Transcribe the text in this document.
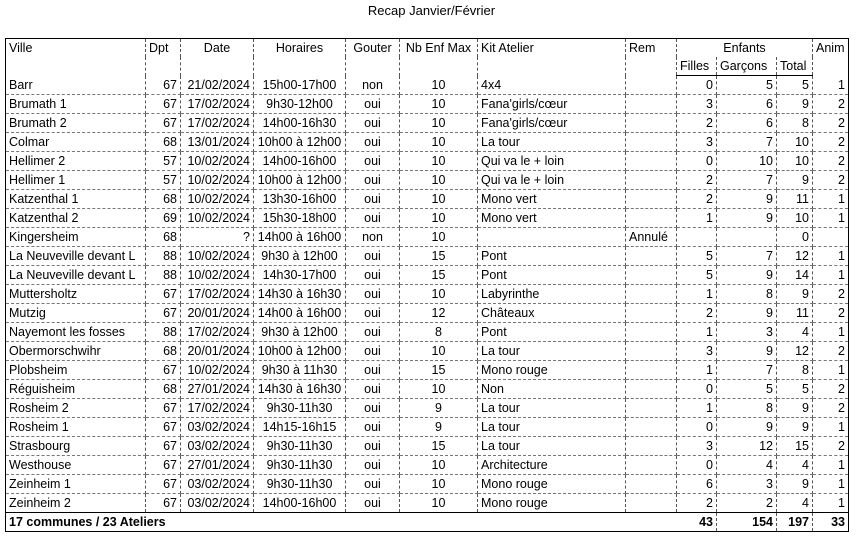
Recap Janvier/Février
Ville	Dpt	Date	Horaires	Gouter	Nb Enf Max	Kit Atelier	Rem	Enfants			Anim
								Filles	Garçons	Total	
Barr	67	21/02/2024	15h00-17h00	non	10	4x4		0	5	5	1
Brumath 1	67	17/02/2024	9h30-12h00	oui	10	Fana'girls/cœur		3	6	9	2
Brumath 2	67	17/02/2024	14h00-16h30	oui	10	Fana'girls/cœur		2	6	8	2
Colmar	68	13/01/2024	10h00 à 12h00	oui	10	La tour		3	7	10	2
Hellimer 2	57	10/02/2024	14h00-16h00	oui	10	Qui va le + loin		0	10	10	2
Hellimer 1	57	10/02/2024	10h00 à 12h00	oui	10	Qui va le + loin		2	7	9	2
Katzenthal 1	68	10/02/2024	13h30-16h00	oui	10	Mono vert		2	9	11	1
Katzenthal 2	69	10/02/2024	15h30-18h00	oui	10	Mono vert		1	9	10	1
Kingersheim	68	?	14h00 à 16h00	non	10		Annulé			0	
La Neuveville devant L	88	10/02/2024	9h30 à 12h00	oui	15	Pont		5	7	12	1
La Neuveville devant L	88	10/02/2024	14h30-17h00	oui	15	Pont		5	9	14	1
Muttersholtz	67	17/02/2024	14h30 à 16h30	oui	10	Labyrinthe		1	8	9	2
Mutzig	67	20/01/2024	14h00 à 16h00	oui	12	Châteaux		2	9	11	2
Nayemont les fosses	88	17/02/2024	9h30 à 12h00	oui	8	Pont		1	3	4	1
Obermorschwihr	68	20/01/2024	10h00 à 12h00	oui	10	La tour		3	9	12	2
Plobsheim	67	10/02/2024	9h30 à 11h30	oui	15	Mono rouge		1	7	8	1
Réguisheim	68	27/01/2024	14h30 à 16h30	oui	10	Non		0	5	5	2
Rosheim 2	67	17/02/2024	9h30-11h30	oui	9	La tour		1	8	9	2
Rosheim 1	67	03/02/2024	14h15-16h15	oui	9	La tour		0	9	9	1
Strasbourg	67	03/02/2024	9h30-11h30	oui	15	La tour		3	12	15	2
Westhouse	67	27/01/2024	9h30-11h30	oui	10	Architecture		0	4	4	1
Zeinheim 1	67	03/02/2024	9h30-11h30	oui	10	Mono rouge		6	3	9	1
Zeinheim 2	67	03/02/2024	14h00-16h00	oui	10	Mono rouge		2	2	4	1
17 communes / 23 Ateliers								43	154	197	33
